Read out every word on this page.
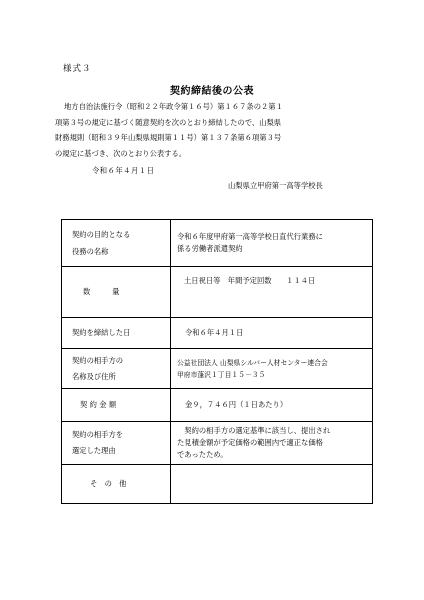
様式３
契約締結後の公表

地方自治法施行令（昭和２２年政令第１６号）第１６７条の２第１

項第３号の規定に基づく随意契約を次のとおり締結したので、山梨県

財務規則（昭和３９年山梨県規則第１１号）第１３７条第６項第３号

の規定に基づき、次のとおり公表する。

令和６年４月１日
山梨県立甲府第一高等学校長
契約の目的となる
役務の名称	令和６年度甲府第一高等学校日直代行業務に
係る労働者派遣契約

数　　　量	土日祝日等　年間予定回数　　１１４日

契約を締結した日	令和６年４月１日

契約の相手方の
名称及び住所	公益社団法人 山梨県シルバー人材センター連合会
甲府市蓬沢１丁目１５－３５

契 約 金 額	金９，７４６円（１日あたり）

契約の相手方を
選定した理由	　契約の相手方の選定基準に該当し、提出され
た見積金額が予定価格の範囲内で適正な価格
であったため。

そ　の　他	
